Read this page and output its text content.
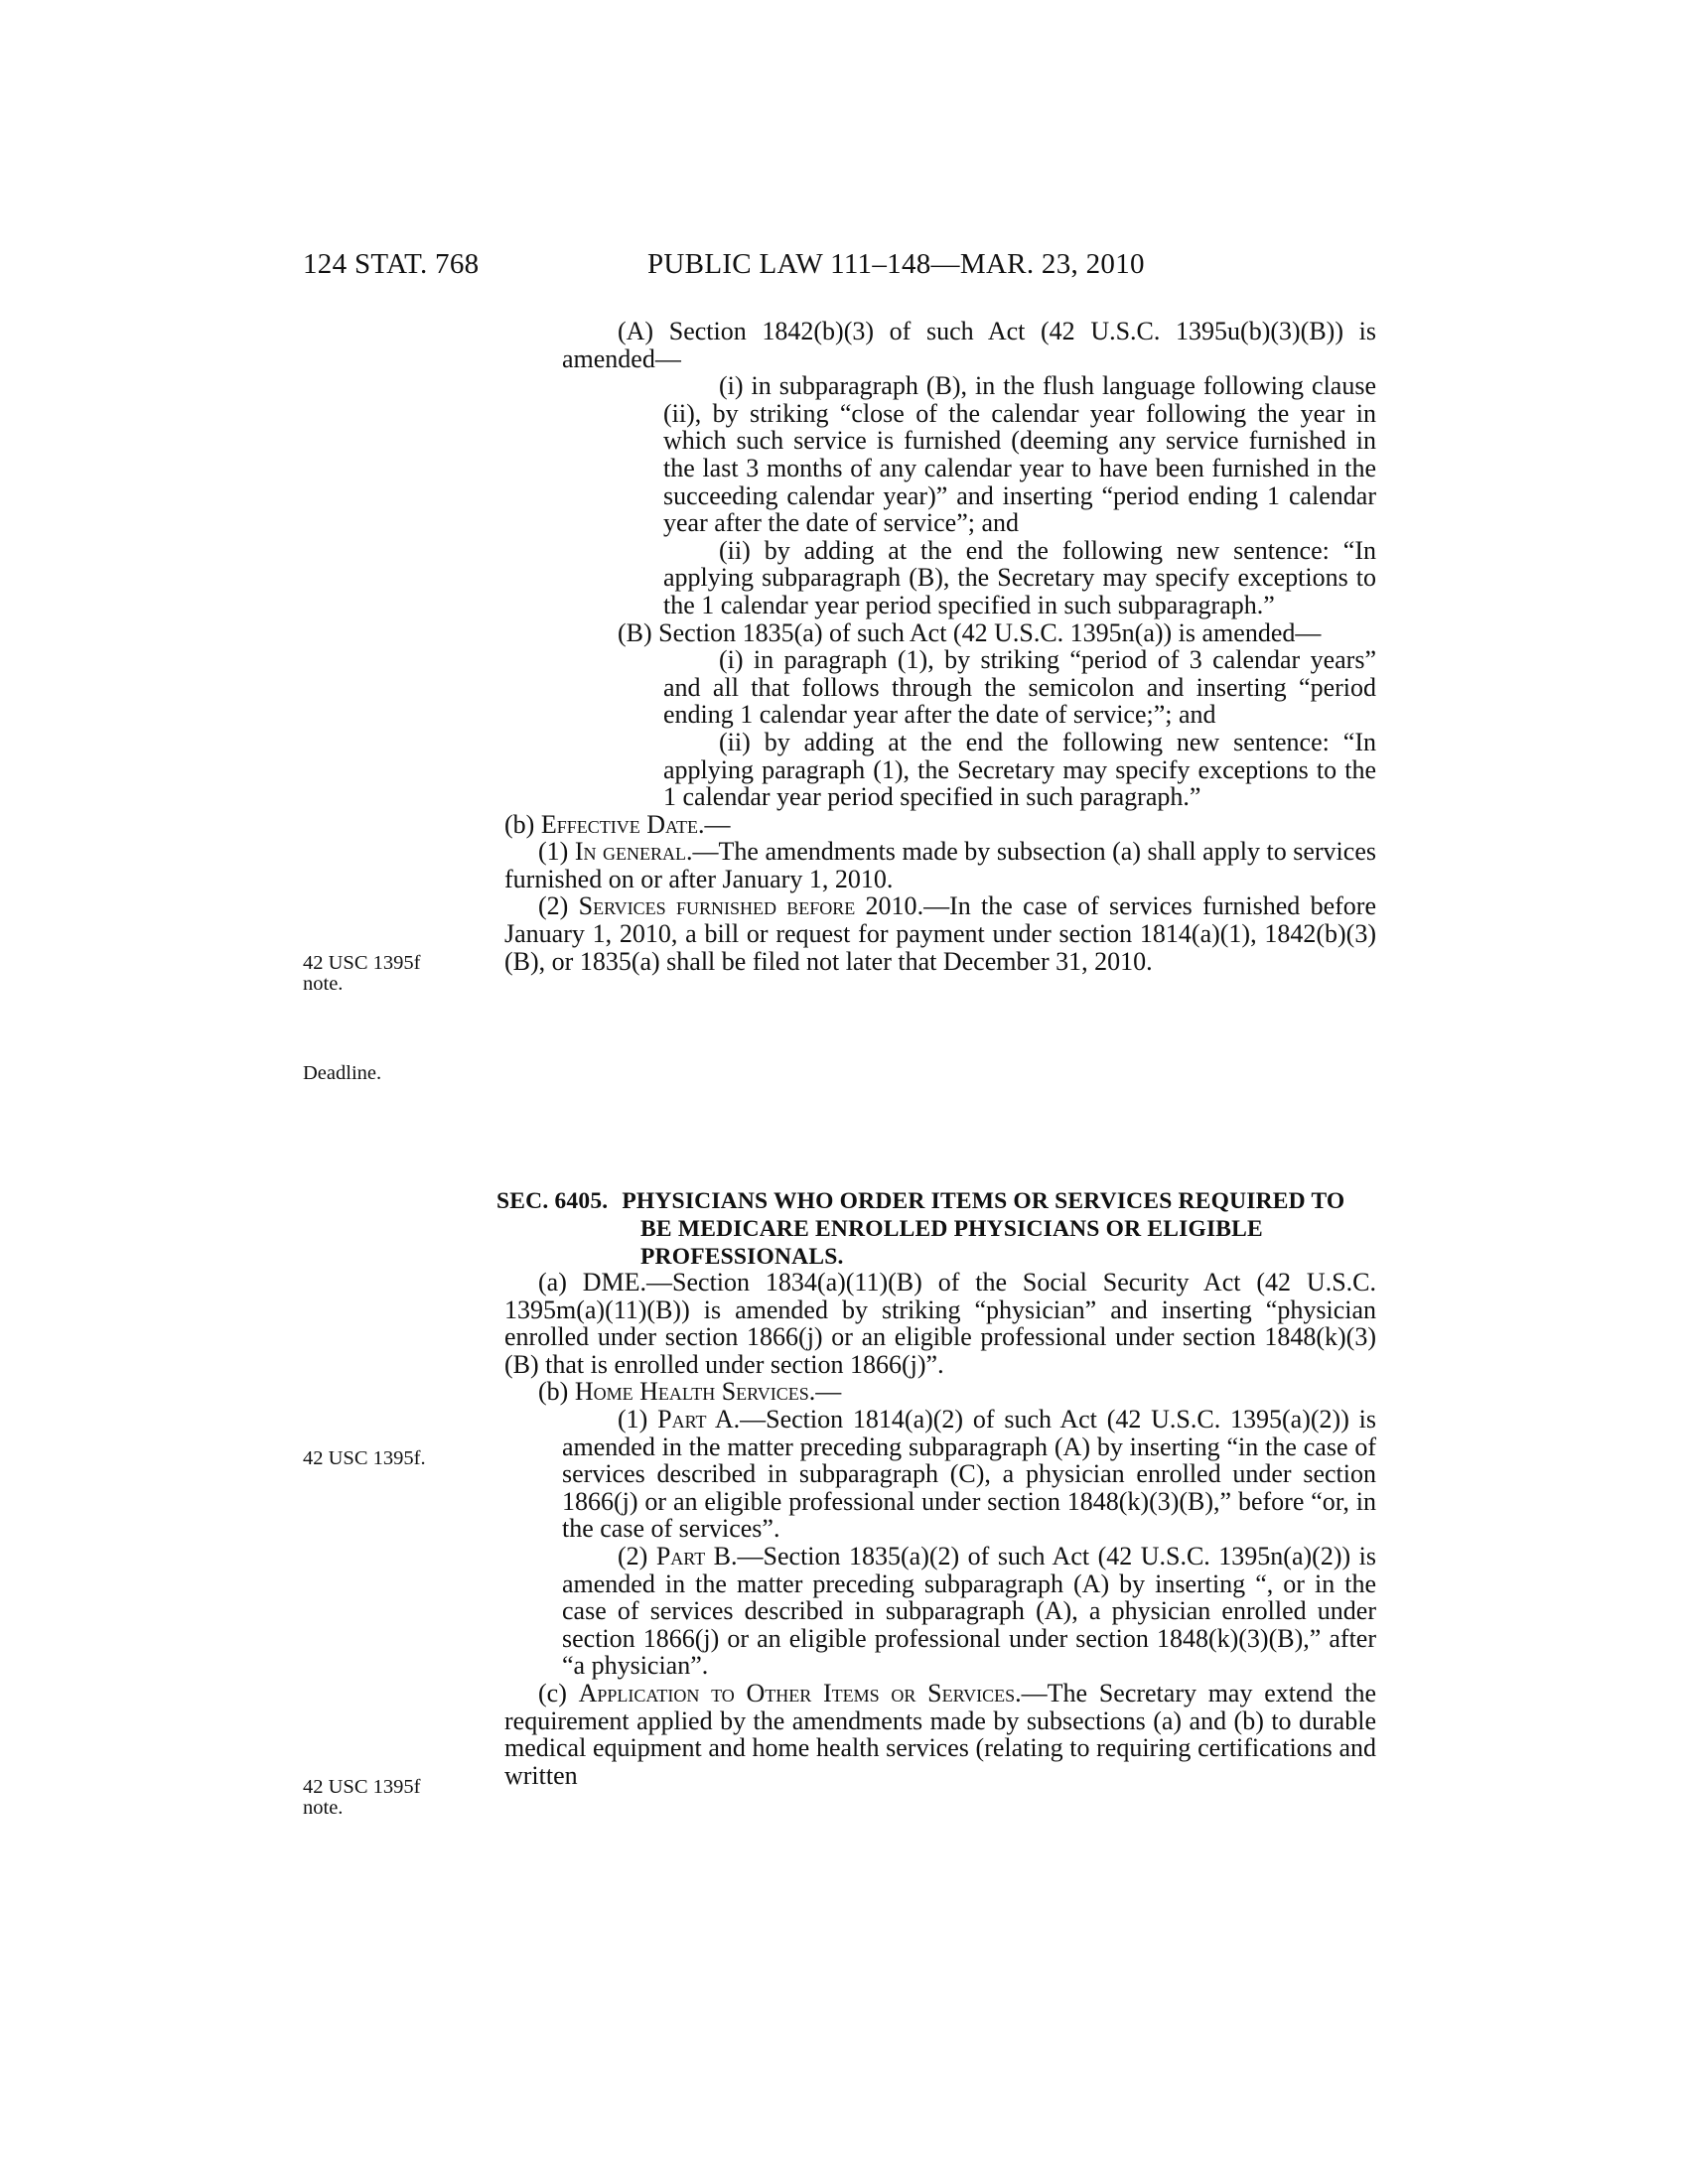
124 STAT. 768	PUBLIC LAW 111–148—MAR. 23, 2010
42 USC 1395f
note.
Deadline.
42 USC 1395f.
42 USC 1395f
note.

(A) Section 1842(b)(3) of such Act (42 U.S.C. 1395u(b)(3)(B)) is amended—

(i) in subparagraph (B), in the flush language following clause (ii), by striking “close of the calendar year following the year in which such service is furnished (deeming any service furnished in the last 3 months of any calendar year to have been furnished in the succeeding calendar year)” and inserting “period ending 1 calendar year after the date of service”; and

(ii) by adding at the end the following new sentence: “In applying subparagraph (B), the Secretary may specify exceptions to the 1 calendar year period specified in such subparagraph.”

(B) Section 1835(a) of such Act (42 U.S.C. 1395n(a)) is amended—

(i) in paragraph (1), by striking “period of 3 calendar years” and all that follows through the semicolon and inserting “period ending 1 calendar year after the date of service;”; and

(ii) by adding at the end the following new sentence: “In applying paragraph (1), the Secretary may specify exceptions to the 1 calendar year period specified in such paragraph.”

(b) Effective Date.—

(1) In general.—The amendments made by subsection (a) shall apply to services furnished on or after January 1, 2010.

(2) Services furnished before 2010.—In the case of services furnished before January 1, 2010, a bill or request for payment under section 1814(a)(1), 1842(b)(3)(B), or 1835(a) shall be filed not later that December 31, 2010.

SEC. 6405. PHYSICIANS WHO ORDER ITEMS OR SERVICES REQUIRED TO BE MEDICARE ENROLLED PHYSICIANS OR ELIGIBLE PROFESSIONALS.

(a) DME.—Section 1834(a)(11)(B) of the Social Security Act (42 U.S.C. 1395m(a)(11)(B)) is amended by striking “physician” and inserting “physician enrolled under section 1866(j) or an eligible professional under section 1848(k)(3)(B) that is enrolled under section 1866(j)”.

(b) Home Health Services.—

(1) Part A.—Section 1814(a)(2) of such Act (42 U.S.C. 1395(a)(2)) is amended in the matter preceding subparagraph (A) by inserting “in the case of services described in subparagraph (C), a physician enrolled under section 1866(j) or an eligible professional under section 1848(k)(3)(B),” before “or, in the case of services”.

(2) Part B.—Section 1835(a)(2) of such Act (42 U.S.C. 1395n(a)(2)) is amended in the matter preceding subparagraph (A) by inserting “, or in the case of services described in subparagraph (A), a physician enrolled under section 1866(j) or an eligible professional under section 1848(k)(3)(B),” after “a physician”.

(c) Application to Other Items or Services.—The Secretary may extend the requirement applied by the amendments made by subsections (a) and (b) to durable medical equipment and home health services (relating to requiring certifications and written
